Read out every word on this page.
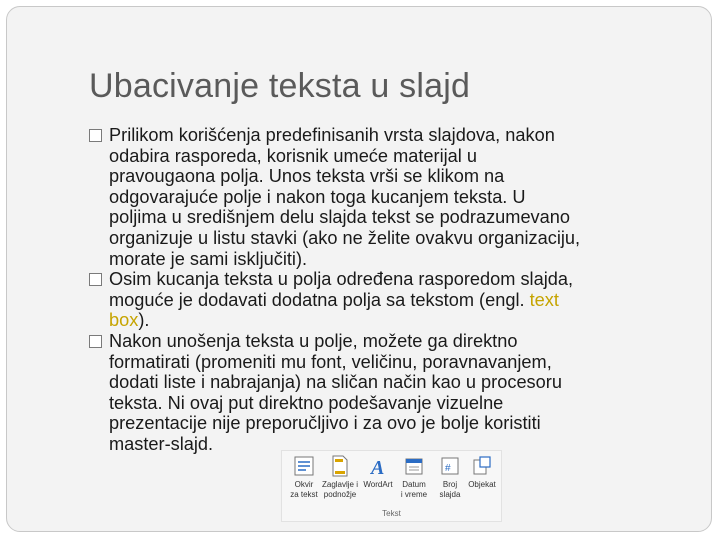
Ubacivanje teksta u slajd
Prilikom korišćenja predefinisanih vrsta slajdova, nakon
odabira rasporeda, korisnik umeće materijal u
pravougaona polja. Unos teksta vrši se klikom na
odgovarajuće polje i nakon toga kucanjem teksta. U
poljima u središnjem delu slajda tekst se podrazumevano
organizuje u listu stavki (ako ne želite ovakvu organizaciju,
morate je sami isključiti).
Osim kucanja teksta u polja određena rasporedom slajda,
moguće je dodavati dodatna polja sa tekstom (engl. text
box).
Nakon unošenja teksta u polje, možete ga direktno
formatirati (promeniti mu font, veličinu, poravnavanjem,
dodati liste i nabrajanja) na sličan način kao u procesoru
teksta. Ni ovaj put direktno podešavanje vizuelne
prezentacije nije preporučljivo i za ovo je bolje koristiti
master-slajd.
Okvir
za tekst
Zaglavlje i
podnožje
A
WordArt	Datum
i vreme
#
Broj
slajda
Objekat
Tekst
